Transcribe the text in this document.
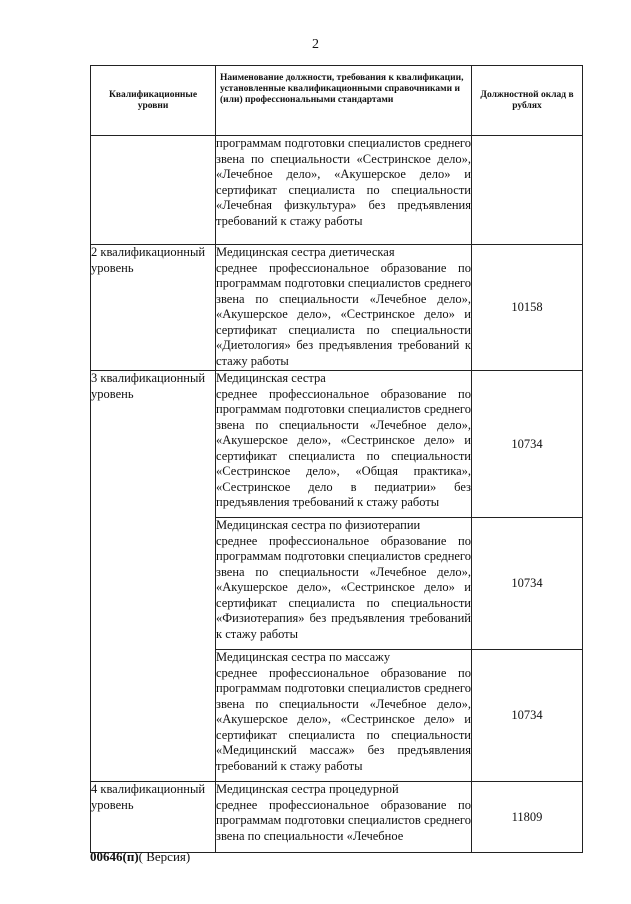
2
Квалификационные уровни	Наименование должности, требования к квалификации, установленные квалификационными справочниками и (или) профессиональными стандартами	Должностной оклад в рублях

	программам подготовки специалистов среднего звена по специальности «Сестринское дело», «Лечебное дело», «Акушерское дело» и сертификат специалиста по специальности «Лечебная физкультура» без предъявления требований к стажу работы	

2 квалификационный уровень	Медицинская сестра диетическая
среднее профессиональное образование по программам подготовки специалистов среднего звена по специальности «Лечебное дело», «Акушерское дело», «Сестринское дело» и сертификат специалиста по специальности «Диетология» без предъявления требований к стажу работы	10158
3 квалификационный уровень	Медицинская сестра
среднее профессиональное образование по программам подготовки специалистов среднего звена по специальности «Лечебное дело», «Акушерское дело», «Сестринское дело» и сертификат специалиста по специальности «Сестринское дело», «Общая практика», «Сестринское дело в педиатрии» без предъявления требований к стажу работы	10734

	Медицинская сестра по физиотерапии
среднее профессиональное образование по программам подготовки специалистов среднего звена по специальности «Лечебное дело», «Акушерское дело», «Сестринское дело» и сертификат специалиста по специальности «Физиотерапия» без предъявления требований к стажу работы	10734

	Медицинская сестра по массажу
среднее профессиональное образование по программам подготовки специалистов среднего звена по специальности «Лечебное дело», «Акушерское дело», «Сестринское дело» и сертификат специалиста по специальности «Медицинский массаж» без предъявления требований к стажу работы	10734
4 квалификационный уровень	Медицинская сестра процедурной
среднее профессиональное образование по программам подготовки специалистов среднего звена по специальности «Лечебное	11809
00646(п)( Версия)
